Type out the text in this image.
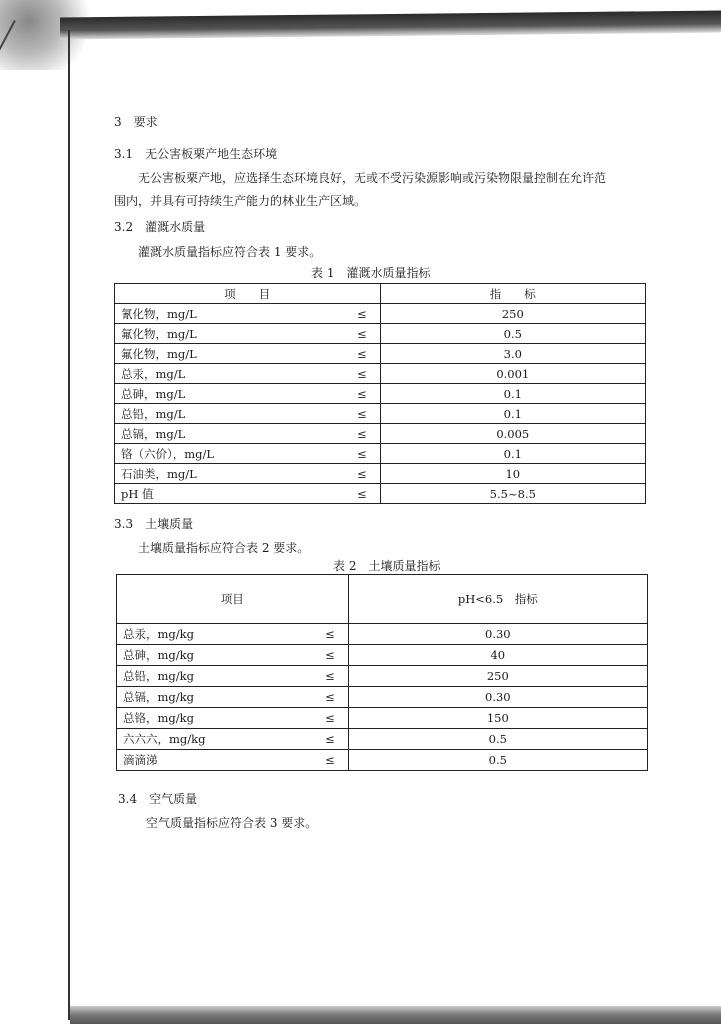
3　要求
3.1　无公害板栗产地生态环境
无公害板栗产地，应选择生态环境良好，无或不受污染源影响或污染物限量控制在允许范
围内，并具有可持续生产能力的林业生产区域。
3.2　灌溉水质量
灌溉水质量指标应符合表 1 要求。
表 1　灌溉水质量指标
项　　目		指　　标
氰化物，mg/L	≤	250
氟化物，mg/L	≤	0.5
氟化物，mg/L	≤	3.0
总汞，mg/L	≤	0.001
总砷，mg/L	≤	0.1
总铅，mg/L	≤	0.1
总镉，mg/L	≤	0.005
铬（六价），mg/L	≤	0.1
石油类，mg/L	≤	10
pH 值	≤	5.5~8.5
3.3　土壤质量
土壤质量指标应符合表 2 要求。
表 2　土壤质量指标
项目		pH<6.5　指标
总汞，mg/kg	≤	0.30
总砷，mg/kg	≤	40
总铅，mg/kg	≤	250
总镉，mg/kg	≤	0.30
总铬，mg/kg	≤	150
六六六，mg/kg	≤	0.5
滴滴涕	≤	0.5
3.4　空气质量
空气质量指标应符合表 3 要求。
